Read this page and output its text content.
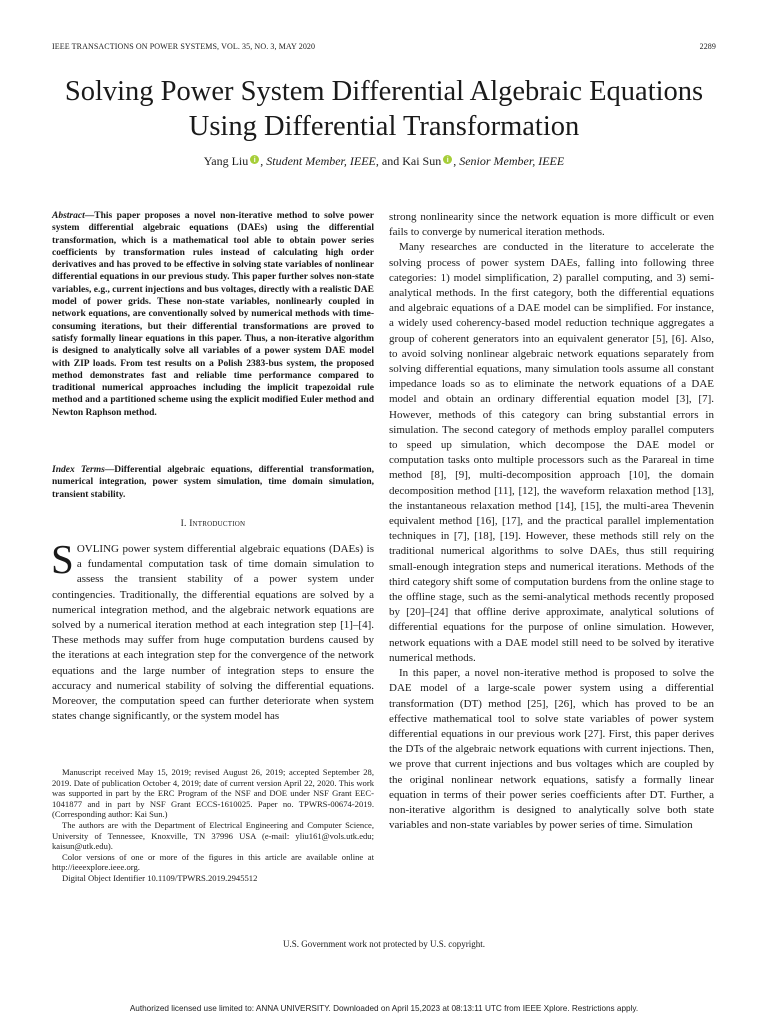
IEEE TRANSACTIONS ON POWER SYSTEMS, VOL. 35, NO. 3, MAY 2020	2289
Solving Power System Differential Algebraic Equations Using Differential Transformation
Yang Liu i , Student Member, IEEE, and Kai Sun i , Senior Member, IEEE
Abstract—This paper proposes a novel non-iterative method to solve power system differential algebraic equations (DAEs) using the differential transformation, which is a mathematical tool able to obtain power series coefficients by transformation rules instead of calculating high order derivatives and has proved to be effective in solving state variables of nonlinear differential equations in our previous study. This paper further solves non-state variables, e.g., current injections and bus voltages, directly with a realistic DAE model of power grids. These non-state variables, nonlinearly coupled in network equations, are conventionally solved by numerical methods with time-consuming iterations, but their differential transformations are proved to satisfy formally linear equations in this paper. Thus, a non-iterative algorithm is designed to analytically solve all variables of a power system DAE model with ZIP loads. From test results on a Polish 2383-bus system, the proposed method demonstrates fast and reliable time performance compared to traditional numerical approaches including the implicit trapezoidal rule method and a partitioned scheme using the explicit modified Euler method and Newton Raphson method.
Index Terms—Differential algebraic equations, differential transformation, numerical integration, power system simulation, time domain simulation, transient stability.
I. Introduction
SOVLING power system differential algebraic equations (DAEs) is a fundamental computation task of time domain simulation to assess the transient stability of a power system under contingencies. Traditionally, the differential equations are solved by a numerical integration method, and the algebraic network equations are solved by a numerical iteration method at each integration step [1]–[4]. These methods may suffer from huge computation burdens caused by the iterations at each integration step for the convergence of the network equations and the large number of integration steps to ensure the accuracy and numerical stability of solving the differential equations. Moreover, the computation speed can further deteriorate when system states change significantly, or the system model has

Manuscript received May 15, 2019; revised August 26, 2019; accepted September 28, 2019. Date of publication October 4, 2019; date of current version April 22, 2020. This work was supported in part by the ERC Program of the NSF and DOE under NSF Grant EEC-1041877 and in part by NSF Grant ECCS-1610025. Paper no. TPWRS-00674-2019. (Corresponding author: Kai Sun.)

The authors are with the Department of Electrical Engineering and Computer Science, University of Tennessee, Knoxville, TN 37996 USA (e-mail: yliu161@vols.utk.edu; kaisun@utk.edu).

Color versions of one or more of the figures in this article are available online at http://ieeexplore.ieee.org.

Digital Object Identifier 10.1109/TPWRS.2019.2945512

strong nonlinearity since the network equation is more difficult or even fails to converge by numerical iteration methods.

Many researches are conducted in the literature to accelerate the solving process of power system DAEs, falling into following three categories: 1) model simplification, 2) parallel computing, and 3) semi-analytical methods. In the first category, both the differential equations and algebraic equations of a DAE model can be simplified. For instance, a widely used coherency-based model reduction technique aggregates a group of coherent generators into an equivalent generator [5], [6]. Also, to avoid solving nonlinear algebraic network equations separately from solving differential equations, many simulation tools assume all constant impedance loads so as to eliminate the network equations of a DAE model and obtain an ordinary differential equation model [3], [7]. However, methods of this category can bring substantial errors in simulation. The second category of methods employ parallel computers to speed up simulation, which decompose the DAE model or computation tasks onto multiple processors such as the Parareal in time method [8], [9], multi-decomposition approach [10], the domain decomposition method [11], [12], the waveform relaxation method [13], the instantaneous relaxation method [14], [15], the multi-area Thevenin equivalent method [16], [17], and the practical parallel implementation techniques in [7], [18], [19]. However, these methods still rely on the traditional numerical algorithms to solve DAEs, thus still requiring small-enough integration steps and numerical iterations. Methods of the third category shift some of computation burdens from the online stage to the offline stage, such as the semi-analytical methods recently proposed by [20]–[24] that offline derive approximate, analytical solutions of differential equations for the purpose of online simulation. However, network equations with a DAE model still need to be solved by iterative numerical methods.

In this paper, a novel non-iterative method is proposed to solve the DAE model of a large-scale power system using a differential transformation (DT) method [25], [26], which has proved to be an effective mathematical tool to solve state variables of power system differential equations in our previous work [27]. First, this paper derives the DTs of the algebraic network equations with current injections. Then, we prove that current injections and bus voltages which are coupled by the original nonlinear network equations, satisfy a formally linear equation in terms of their power series coefficients after DT. Further, a non-iterative algorithm is designed to analytically solve both state variables and non-state variables by power series of time. Simulation

U.S. Government work not protected by U.S. copyright.
Authorized licensed use limited to: ANNA UNIVERSITY. Downloaded on April 15,2023 at 08:13:11 UTC from IEEE Xplore. Restrictions apply.
